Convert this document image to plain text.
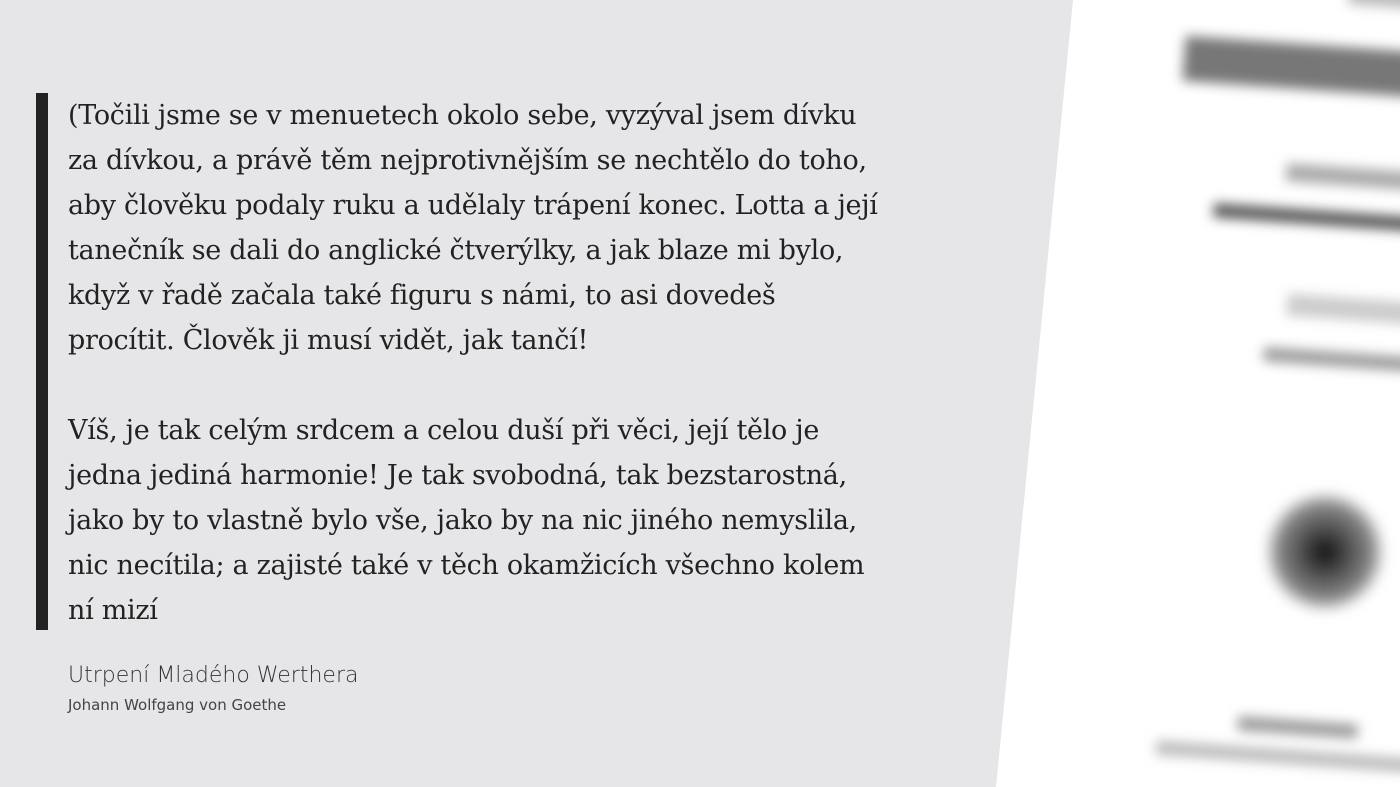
(Točili jsme se v menuetech okolo sebe, vyzýval jsem dívku
za dívkou, a právě těm nejprotivnějším se nechtělo do toho,
aby člověku podaly ruku a udělaly trápení konec. Lotta a její
tanečník se dali do anglické čtverýlky, a jak blaze mi bylo,
když v řadě začala také figuru s námi, to asi dovedeš
procítit. Člověk ji musí vidět, jak tančí!

Víš, je tak celým srdcem a celou duší při věci, její tělo je
jedna jediná harmonie! Je tak svobodná, tak bezstarostná,
jako by to vlastně bylo vše, jako by na nic jiného nemyslila,
nic necítila; a zajisté také v těch okamžicích všechno kolem
ní mizí

Utrpení Mladého Werthera
Johann Wolfgang von Goethe
